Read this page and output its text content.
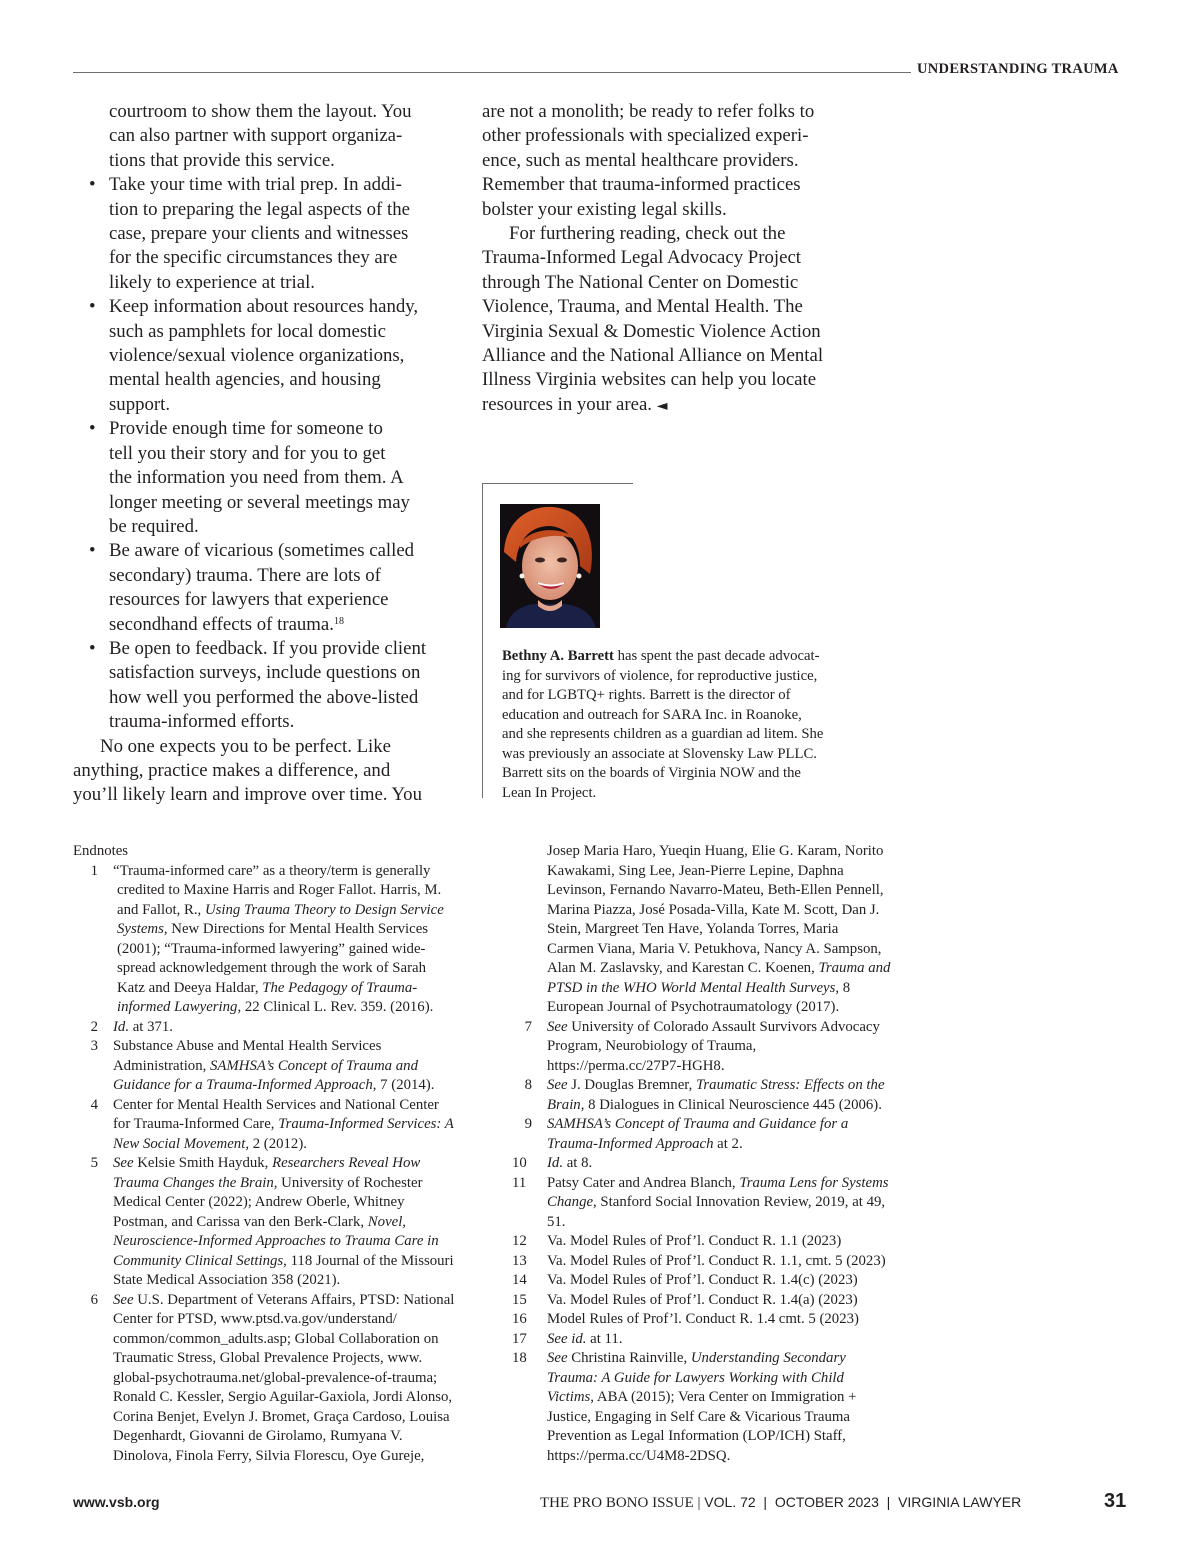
UNDERSTANDING TRAUMA
courtroom to show them the layout. You
can also partner with support organiza-
tions that provide this service.
• Take your time with trial prep. In addi-
tion to preparing the legal aspects of the
case, prepare your clients and witnesses
for the specific circumstances they are
likely to experience at trial.
• Keep information about resources handy,
such as pamphlets for local domestic
violence/sexual violence organizations,
mental health agencies, and housing
support.
• Provide enough time for someone to
tell you their story and for you to get
the information you need from them. A
longer meeting or several meetings may
be required.
• Be aware of vicarious (sometimes called
secondary) trauma. There are lots of
resources for lawyers that experience
secondhand effects of trauma.$^{18}$
• Be open to feedback. If you provide client
satisfaction surveys, include questions on
how well you performed the above-listed
trauma-informed efforts.
No one expects you to be perfect. Like
anything, practice makes a difference, and
you’ll likely learn and improve over time. You
are not a monolith; be ready to refer folks to
other professionals with specialized experi-
ence, such as mental healthcare providers.
Remember that trauma-informed practices
bolster your existing legal skills.
For furthering reading, check out the
Trauma-Informed Legal Advocacy Project
through The National Center on Domestic
Violence, Trauma, and Mental Health. The
Virginia Sexual & Domestic Violence Action
Alliance and the National Alliance on Mental
Illness Virginia websites can help you locate
resources in your area. ◄
Bethny A. Barrett has spent the past decade advocat-
ing for survivors of violence, for reproductive justice,
and for LGBTQ+ rights. Barrett is the director of
education and outreach for SARA Inc. in Roanoke,
and she represents children as a guardian ad litem. She
was previously an associate at Slovensky Law PLLC.
Barrett sits on the boards of Virginia NOW and the
Lean In Project.
Endnotes
1 “Trauma-informed care” as a theory/term is generally
credited to Maxine Harris and Roger Fallot. Harris, M.
and Fallot, R., Using Trauma Theory to Design Service
Systems, New Directions for Mental Health Services
(2001); “Trauma-informed lawyering” gained wide-
spread acknowledgement through the work of Sarah
Katz and Deeya Haldar, The Pedagogy of Trauma-
informed Lawyering, 22 Clinical L. Rev. 359. (2016).
2 Id. at 371.
3 Substance Abuse and Mental Health Services
Administration, SAMHSA’s Concept of Trauma and
Guidance for a Trauma-Informed Approach, 7 (2014).
4 Center for Mental Health Services and National Center
for Trauma-Informed Care, Trauma-Informed Services: A
New Social Movement, 2 (2012).
5 See Kelsie Smith Hayduk, Researchers Reveal How
Trauma Changes the Brain, University of Rochester
Medical Center (2022); Andrew Oberle, Whitney
Postman, and Carissa van den Berk-Clark, Novel,
Neuroscience-Informed Approaches to Trauma Care in
Community Clinical Settings, 118 Journal of the Missouri
State Medical Association 358 (2021).
6 See U.S. Department of Veterans Affairs, PTSD: National
Center for PTSD, www.ptsd.va.gov/understand/
common/common_adults.asp; Global Collaboration on
Traumatic Stress, Global Prevalence Projects, www.
global-psychotrauma.net/global-prevalence-of-trauma;
Ronald C. Kessler, Sergio Aguilar-Gaxiola, Jordi Alonso,
Corina Benjet, Evelyn J. Bromet, Graça Cardoso, Louisa
Degenhardt, Giovanni de Girolamo, Rumyana V.
Dinolova, Finola Ferry, Silvia Florescu, Oye Gureje,
Josep Maria Haro, Yueqin Huang, Elie G. Karam, Norito
Kawakami, Sing Lee, Jean-Pierre Lepine, Daphna
Levinson, Fernando Navarro-Mateu, Beth-Ellen Pennell,
Marina Piazza, José Posada-Villa, Kate M. Scott, Dan J.
Stein, Margreet Ten Have, Yolanda Torres, Maria
Carmen Viana, Maria V. Petukhova, Nancy A. Sampson,
Alan M. Zaslavsky, and Karestan C. Koenen, Trauma and
PTSD in the WHO World Mental Health Surveys, 8
European Journal of Psychotraumatology (2017).
7 See University of Colorado Assault Survivors Advocacy
Program, Neurobiology of Trauma,
https://perma.cc/27P7-HGH8.
8 See J. Douglas Bremner, Traumatic Stress: Effects on the
Brain, 8 Dialogues in Clinical Neuroscience 445 (2006).
9 SAMHSA’s Concept of Trauma and Guidance for a
Trauma-Informed Approach at 2.
10	Id. at 8.
11	Patsy Cater and Andrea Blanch, Trauma Lens for Systems
Change, Stanford Social Innovation Review, 2019, at 49,
51.
12	Va. Model Rules of Prof’l. Conduct R. 1.1 (2023)
13	Va. Model Rules of Prof’l. Conduct R. 1.1, cmt. 5 (2023)
14	Va. Model Rules of Prof’l. Conduct R. 1.4(c) (2023)
15	Va. Model Rules of Prof’l. Conduct R. 1.4(a) (2023)
16	Model Rules of Prof’l. Conduct R. 1.4 cmt. 5 (2023)
17	See id. at 11.
18	See Christina Rainville, Understanding Secondary
Trauma: A Guide for Lawyers Working with Child
Victims, ABA (2015); Vera Center on Immigration +
Justice, Engaging in Self Care & Vicarious Trauma
Prevention as Legal Information (LOP/ICH) Staff,
https://perma.cc/U4M8-2DSQ.
www.vsb.org	THE PRO BONO ISSUE | VOL. 72  |  OCTOBER 2023  |  VIRGINIA LAWYER	31
